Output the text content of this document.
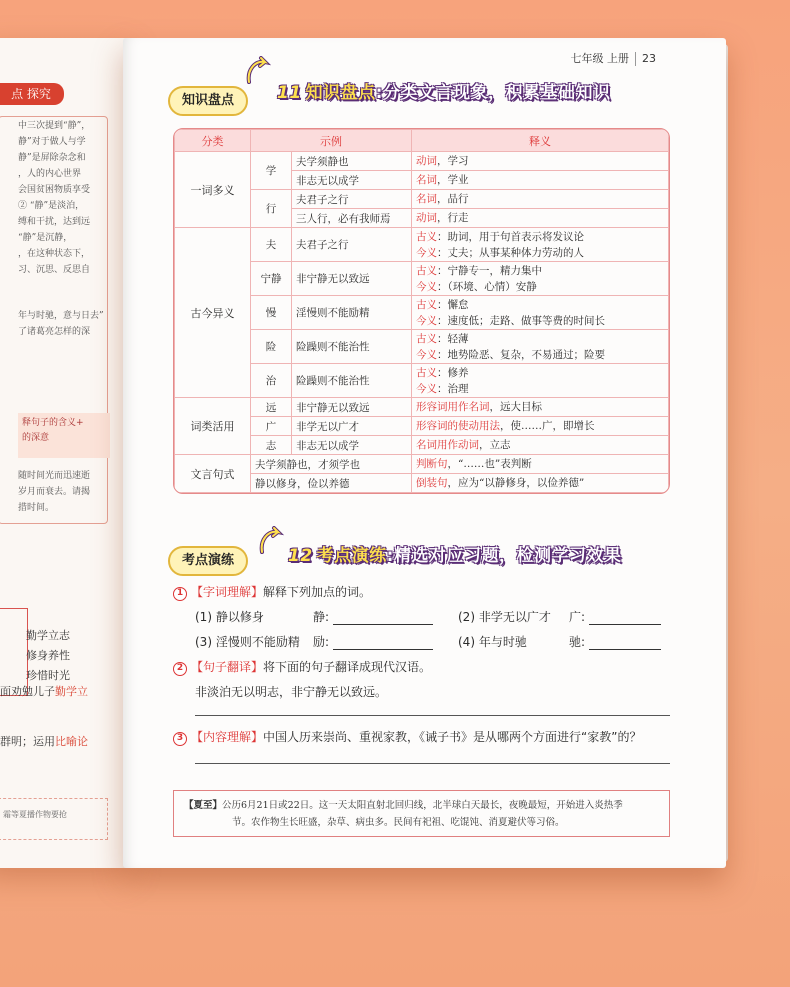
点 探究
中三次提到“静”，
静”对于做人与学
静”是屏除杂念和
，人的内心世界
会国贫困物质享受
② “静”是淡泊，
缚和干扰，达到远
“静”是沉静，
，在这种状态下，
习、沉思、反思自
年与时驰，意与日去”
了诸葛亮怎样的深
释句子的含义+
的深意
随时间光而迅速逝
岁月而衰去。请揭
措时间。
勤学立志
修身养性
珍惜时光
面劝勉儿子勤学立
群明；运用比喻论
霜等夏播作物要抢
七年级 上册 23
知识盘点	11 知识盘点:分类文言现象，积累基础知识
分类	示例		释义
一词多义	学	夫学须静也	动词，学习

		非志无以成学	名词，学业

	行	夫君子之行	名词，品行

		三人行，必有我师焉	动词，行走

古今异义	夫	夫君子之行	古义：助词，用于句首表示将发议论
今义：丈夫；从事某种体力劳动的人

	宁静	非宁静无以致远	古义：宁静专一，精力集中
今义：（环境、心情）安静

	慢	淫慢则不能励精	古义：懈怠
今义：速度低；走路、做事等费的时间长

	险	险躁则不能治性	古义：轻薄
今义：地势险恶、复杂，不易通过；险要

	治	险躁则不能治性	古义：修养
今义：治理

词类活用	远	非宁静无以致远	形容词用作名词，远大目标

	广	非学无以广才	形容词的使动用法，使……广，即增长

	志	非志无以成学	名词用作动词，立志

文言句式	夫学须静也，才须学也		判断句，“……也”表判断

	静以修身，俭以养德		倒装句，应为“以静修身，以俭养德”
考点演练	12 考点演练:精选对应习题，检测学习效果
1 【字词理解】解释下列加点的词。
(1) 静以修身	静:	(2) 非学无以广才 广:
(3) 淫慢则不能励精 励:	(4) 年与时驰	驰:
2 【句子翻译】将下面的句子翻译成现代汉语。
非淡泊无以明志，非宁静无以致远。
3 【内容理解】中国人历来崇尚、重视家教，《诫子书》是从哪两个方面进行“家教”的？
【夏至】公历6月21日或22日。这一天太阳直射北回归线，北半球白天最长，夜晚最短，开始进入炎热季
节。农作物生长旺盛，杂草、病虫多。民间有祀祖、吃馄饨、消夏避伏等习俗。
